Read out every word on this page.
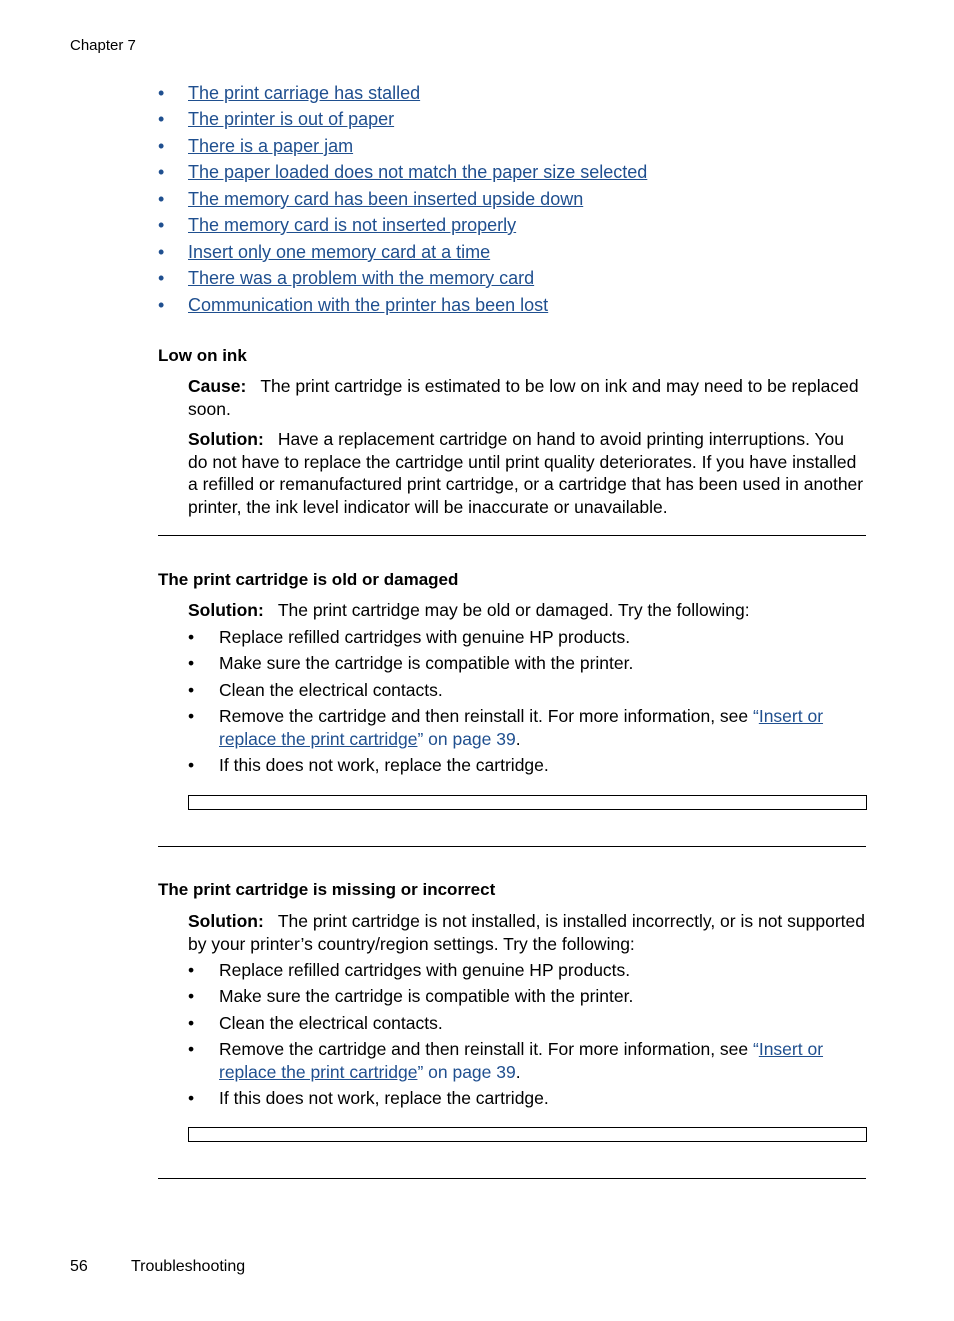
Chapter 7
• The print carriage has stalled
• The printer is out of paper
• There is a paper jam
• The paper loaded does not match the paper size selected
• The memory card has been inserted upside down
• The memory card is not inserted properly
• Insert only one memory card at a time
• There was a problem with the memory card
• Communication with the printer has been lost
Low on ink
Cause: The print cartridge is estimated to be low on ink and may need to be replaced soon.
Solution: Have a replacement cartridge on hand to avoid printing interruptions. You do not have to replace the cartridge until print quality deteriorates. If you have installed a refilled or remanufactured print cartridge, or a cartridge that has been used in another printer, the ink level indicator will be inaccurate or unavailable.
The print cartridge is old or damaged
Solution: The print cartridge may be old or damaged. Try the following:
• Replace refilled cartridges with genuine HP products.
• Make sure the cartridge is compatible with the printer.
• Clean the electrical contacts.
• Remove the cartridge and then reinstall it. For more information, see “Insert or
replace the print cartridge” on page 39.
• If this does not work, replace the cartridge.
The print cartridge is missing or incorrect
Solution: The print cartridge is not installed, is installed incorrectly, or is not supported by your printer’s country/region settings. Try the following:
• Replace refilled cartridges with genuine HP products.
• Make sure the cartridge is compatible with the printer.
• Clean the electrical contacts.
• Remove the cartridge and then reinstall it. For more information, see “Insert or
replace the print cartridge” on page 39.
• If this does not work, replace the cartridge.
56	Troubleshooting
